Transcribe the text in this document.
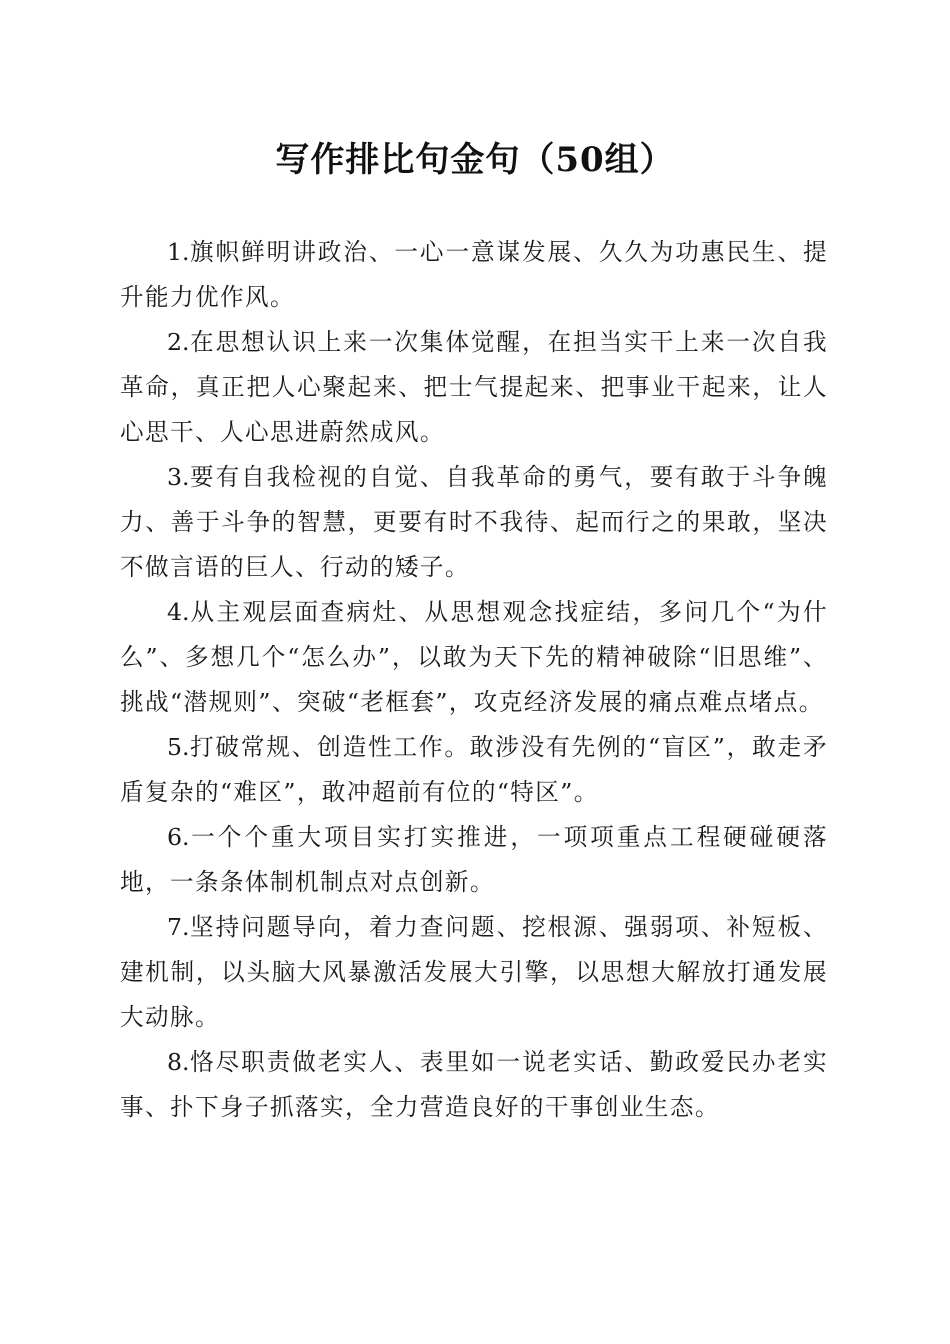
写作排比句金句（50组）

1.旗帜鲜明讲政治、一心一意谋发展、久久为功惠民生、提升能力优作风。

2.在思想认识上来一次集体觉醒，在担当实干上来一次自我革命，真正把人心聚起来、把士气提起来、把事业干起来，让人心思干、人心思进蔚然成风。

3.要有自我检视的自觉、自我革命的勇气，要有敢于斗争魄力、善于斗争的智慧，更要有时不我待、起而行之的果敢，坚决不做言语的巨人、行动的矮子。

4.从主观层面查病灶、从思想观念找症结，多问几个“为什么”、多想几个“怎么办”，以敢为天下先的精神破除“旧思维”、挑战“潜规则”、突破“老框套”，攻克经济发展的痛点难点堵点。

5.打破常规、创造性工作。敢涉没有先例的“盲区”，敢走矛盾复杂的“难区”，敢冲超前有位的“特区”。

6.一个个重大项目实打实推进，一项项重点工程硬碰硬落地，一条条体制机制点对点创新。

7.坚持问题导向，着力查问题、挖根源、强弱项、补短板、建机制，以头脑大风暴激活发展大引擎，以思想大解放打通发展大动脉。

8.恪尽职责做老实人、表里如一说老实话、勤政爱民办老实事、扑下身子抓落实，全力营造良好的干事创业生态。
